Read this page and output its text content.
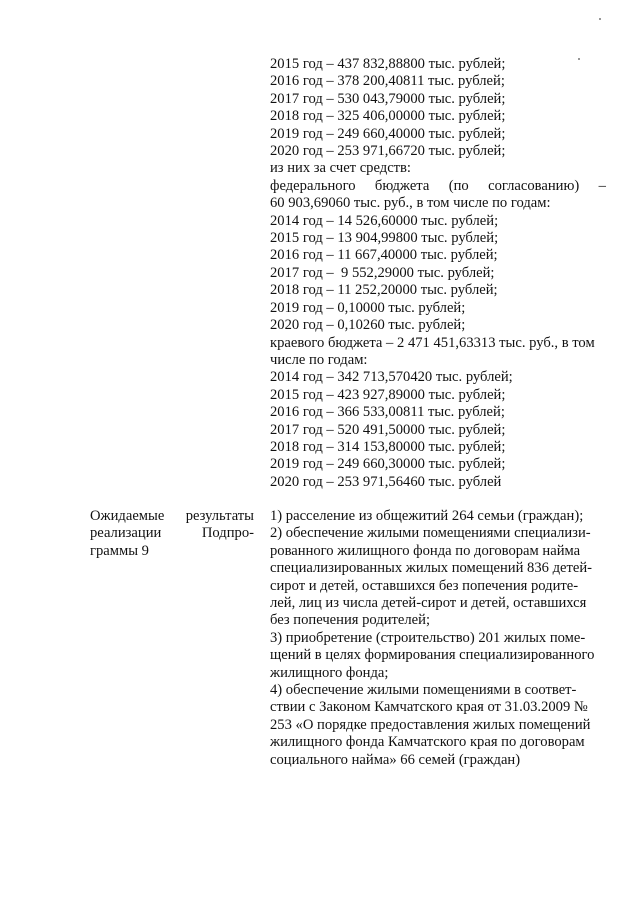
2015 год – 437 832,88800 тыс. рублей;
2016 год – 378 200,40811 тыс. рублей;
2017 год – 530 043,79000 тыс. рублей;
2018 год – 325 406,00000 тыс. рублей;
2019 год – 249 660,40000 тыс. рублей;
2020 год – 253 971,66720 тыс. рублей;
из них за счет средств:
федерального бюджета (по согласованию) –
60 903,69060 тыс. руб., в том числе по годам:
2014 год – 14 526,60000 тыс. рублей;
2015 год – 13 904,99800 тыс. рублей;
2016 год – 11 667,40000 тыс. рублей;
2017 год –  9 552,29000 тыс. рублей;
2018 год – 11 252,20000 тыс. рублей;
2019 год – 0,10000 тыс. рублей;
2020 год – 0,10260 тыс. рублей;
краевого бюджета – 2 471 451,63313 тыс. руб., в том
числе по годам:
2014 год – 342 713,570420 тыс. рублей;
2015 год – 423 927,89000 тыс. рублей;
2016 год – 366 533,00811 тыс. рублей;
2017 год – 520 491,50000 тыс. рублей;
2018 год – 314 153,80000 тыс. рублей;
2019 год – 249 660,30000 тыс. рублей;
2020 год – 253 971,56460 тыс. рублей
Ожидаемые результаты
реализации	Подпро-
граммы 9
1) расселение из общежитий 264 семьи (граждан);
2) обеспечение жилыми помещениями специализи-
рованного жилищного фонда по договорам найма
специализированных жилых помещений 836 детей-
сирот и детей, оставшихся без попечения родите-
лей, лиц из числа детей-сирот и детей, оставшихся
без попечения родителей;
3) приобретение (строительство) 201 жилых поме-
щений в целях формирования специализированного
жилищного фонда;
4) обеспечение жилыми помещениями в соответ-
ствии с Законом Камчатского края от 31.03.2009 №
253 «О порядке предоставления жилых помещений
жилищного фонда Камчатского края по договорам
социального найма» 66 семей (граждан)
